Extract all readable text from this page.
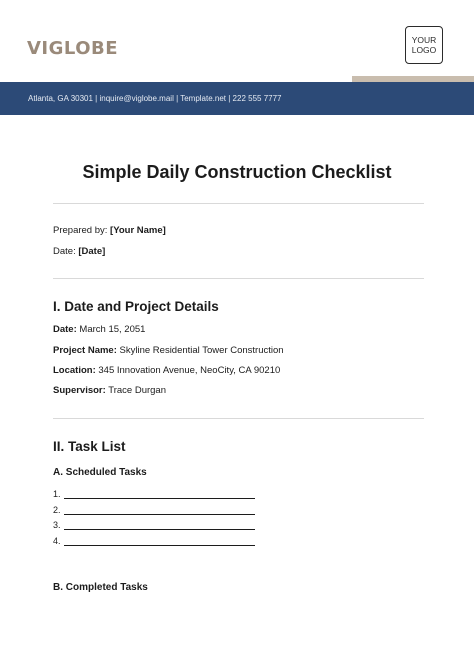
VIGLOBE	YOUR
LOGO
Atlanta, GA 30301 | inquire@viglobe.mail | Template.net | 222 555 7777
Simple Daily Construction Checklist
Prepared by: [Your Name]
Date: [Date]
I. Date and Project Details
Date: March 15, 2051
Project Name: Skyline Residential Tower Construction
Location: 345 Innovation Avenue, NeoCity, CA 90210
Supervisor: Trace Durgan
II. Task List
A. Scheduled Tasks
1.
2.
3.
4.
B. Completed Tasks
